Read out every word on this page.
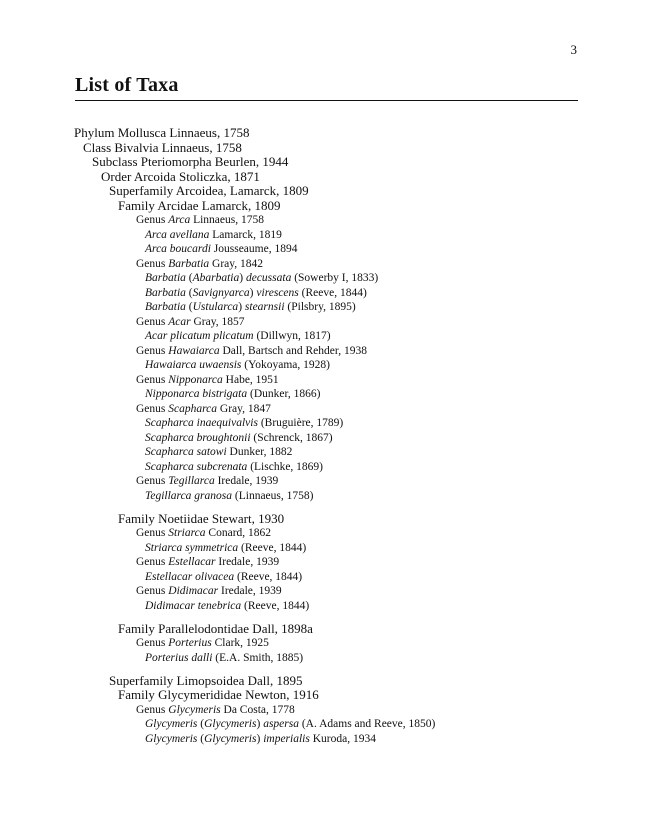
3
List of Taxa
Phylum Mollusca Linnaeus, 1758
Class Bivalvia Linnaeus, 1758
Subclass Pteriomorpha Beurlen, 1944
Order Arcoida Stoliczka, 1871
Superfamily Arcoidea, Lamarck, 1809
Family Arcidae Lamarck, 1809
Genus Arca Linnaeus, 1758
Arca avellana Lamarck, 1819
Arca boucardi Jousseaume, 1894
Genus Barbatia Gray, 1842
Barbatia (Abarbatia) decussata (Sowerby I, 1833)
Barbatia (Savignyarca) virescens (Reeve, 1844)
Barbatia (Ustularca) stearnsii (Pilsbry, 1895)
Genus Acar Gray, 1857
Acar plicatum plicatum (Dillwyn, 1817)
Genus Hawaiarca Dall, Bartsch and Rehder, 1938
Hawaiarca uwaensis (Yokoyama, 1928)
Genus Nipponarca Habe, 1951
Nipponarca bistrigata (Dunker, 1866)
Genus Scapharca Gray, 1847
Scapharca inaequivalvis (Bruguière, 1789)
Scapharca broughtonii (Schrenck, 1867)
Scapharca satowi Dunker, 1882
Scapharca subcrenata (Lischke, 1869)
Genus Tegillarca Iredale, 1939
Tegillarca granosa (Linnaeus, 1758)
Family Noetiidae Stewart, 1930
Genus Striarca Conard, 1862
Striarca symmetrica (Reeve, 1844)
Genus Estellacar Iredale, 1939
Estellacar olivacea (Reeve, 1844)
Genus Didimacar Iredale, 1939
Didimacar tenebrica (Reeve, 1844)
Family Parallelodontidae Dall, 1898a
Genus Porterius Clark, 1925
Porterius dalli (E.A. Smith, 1885)
Superfamily Limopsoidea Dall, 1895
Family Glycymerididae Newton, 1916
Genus Glycymeris Da Costa, 1778
Glycymeris (Glycymeris) aspersa (A. Adams and Reeve, 1850)
Glycymeris (Glycymeris) imperialis Kuroda, 1934
